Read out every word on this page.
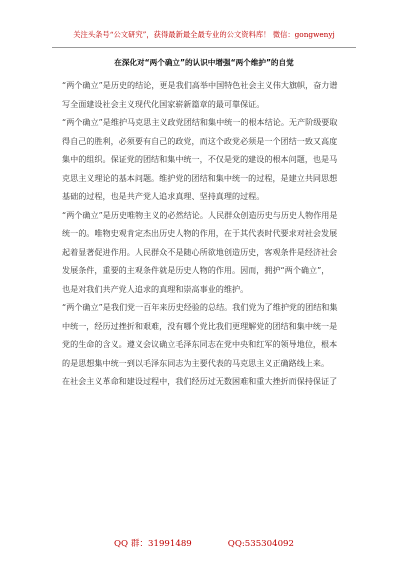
关注头条号“公文研究”，获得最新最全最专业的公文资料库！ 微信：gongwenyj
在深化对“两个确立”的认识中增强“两个维护”的自觉
“两个确立”是历史的结论，更是我们高举中国特色社会主义伟大旗帜，奋力谱
写全面建设社会主义现代化国家崭新篇章的最可靠保证。
“两个确立”是维护马克思主义政党团结和集中统一的根本结论。无产阶级要取
得自己的胜利，必须要有自己的政党，而这个政党必须是一个团结一致又高度
集中的组织。保证党的团结和集中统一，不仅是党的建设的根本问题，也是马
克思主义理论的基本问题。维护党的团结和集中统一的过程，是建立共同思想
基础的过程，也是共产党人追求真理、坚持真理的过程。
“两个确立”是历史唯物主义的必然结论。人民群众创造历史与历史人物作用是
统一的。唯物史观肯定杰出历史人物的作用，在于其代表时代要求对社会发展
起着显著促进作用。人民群众不是随心所欲地创造历史，客观条件是经济社会
发展条件，重要的主观条件就是历史人物的作用。因而，拥护“两个确立”，
也是对我们共产党人追求的真理和崇高事业的维护。
“两个确立”是我们党一百年来历史经验的总结。我们党为了维护党的团结和集
中统一，经历过挫折和艰难，没有哪个党比我们更理解党的团结和集中统一是
党的生命的含义。遵义会议确立毛泽东同志在党中央和红军的领导地位，根本
的是思想集中统一到以毛泽东同志为主要代表的马克思主义正确路线上来。
在社会主义革命和建设过程中，我们经历过无数困难和重大挫折而保持保证了
QQ 群：31991489	QQ:535304092
